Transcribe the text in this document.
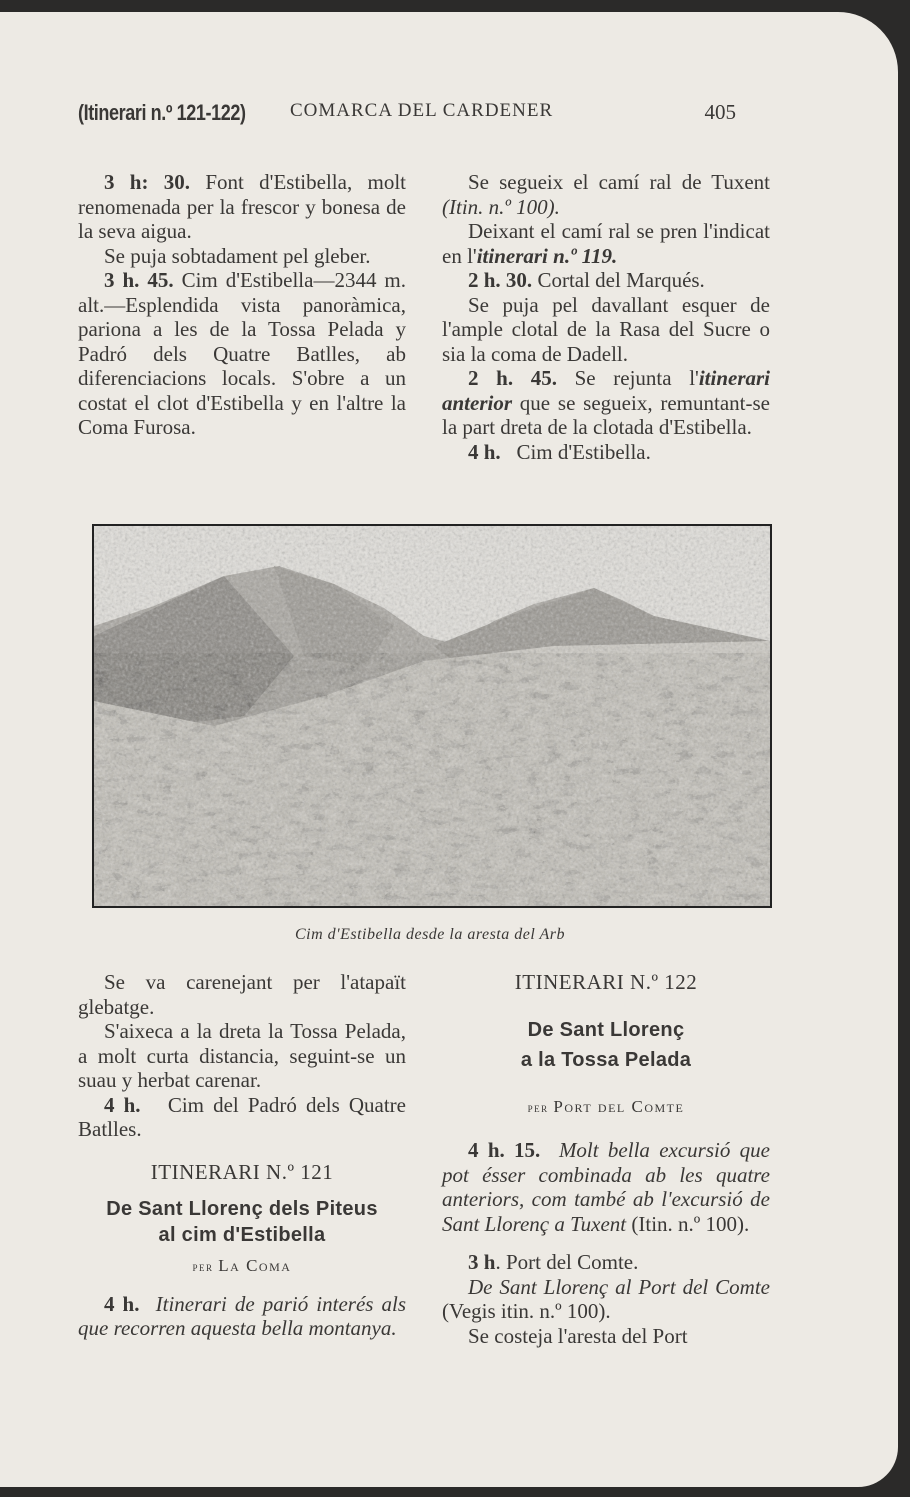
(Itinerari n.º 121-122) COMARCA DEL CARDENER	405

3 h: 30. Font d'Estibella, molt renomenada per la frescor y bonesa de la seva aigua.

Se puja sobtadament pel gleber.

3 h. 45. Cim d'Estibella—2344 m. alt.—Esplendida vista panoràmica, pariona a les de la Tossa Pelada y Padró dels Quatre Batlles, ab diferenciacions locals. S'obre a un costat el clot d'Estibella y en l'altre la Coma Furosa.

Se segueix el camí ral de Tuxent (Itin. n.º 100).

Deixant el camí ral se pren l'indicat en l'itinerari n.º 119.

2 h. 30. Cortal del Marqués.

Se puja pel davallant esquer de l'ample clotal de la Rasa del Sucre o sia la coma de Dadell.

2 h. 45. Se rejunta l'itinerari anterior que se segueix, remuntant-se la part dreta de la clotada d'Estibella.

4 h. Cim d'Estibella.

Cim d'Estibella desde la aresta del Arb

Se va carenejant per l'atapaït glebatge.

S'aixeca a la dreta la Tossa Pelada, a molt curta distancia, seguint-se un suau y herbat carenar.

4 h. Cim del Padró dels Quatre Batlles.

ITINERARI N.º 121

De Sant Llorenç dels Piteus
al cim d'Estibella

per La Coma

4 h. Itinerari de parió interés als que recorren aquesta bella montanya.

ITINERARI N.º 122

De Sant Llorenç
a la Tossa Pelada

per Port del Comte

4 h. 15. Molt bella excursió que pot ésser combinada ab les quatre anteriors, com també ab l'excursió de Sant Llorenç a Tuxent (Itin. n.º 100).

3 h. Port del Comte.

De Sant Llorenç al Port del Comte (Vegis itin. n.º 100).

Se costeja l'aresta del Port
